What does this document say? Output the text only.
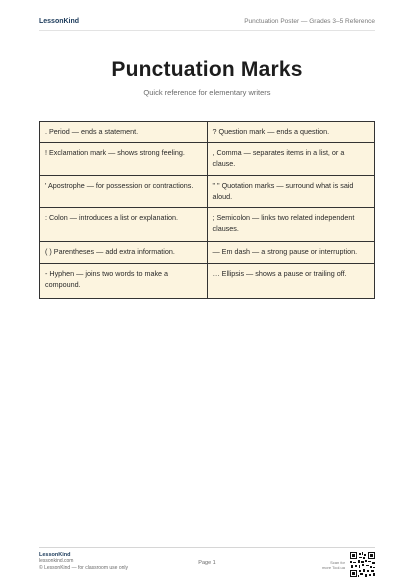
LessonKind	Punctuation Poster — Grades 3–5 Reference
Punctuation Marks
Quick reference for elementary writers
. Period — ends a statement.	? Question mark — ends a question.
! Exclamation mark — shows strong feeling.	, Comma — separates items in a list, or a clause.
' Apostrophe — for possession or contractions.	" " Quotation marks — surround what is said aloud.
: Colon — introduces a list or explanation.	; Semicolon — links two related independent clauses.
( ) Parentheses — add extra information.	— Em dash — a strong pause or interruption.
- Hyphen — joins two words to make a compound.	… Ellipsis — shows a pause or trailing off.
LessonKind
lessonkind.com
© LessonKind — for classroom use only
Page 1	Scan for
more Tool.ua
